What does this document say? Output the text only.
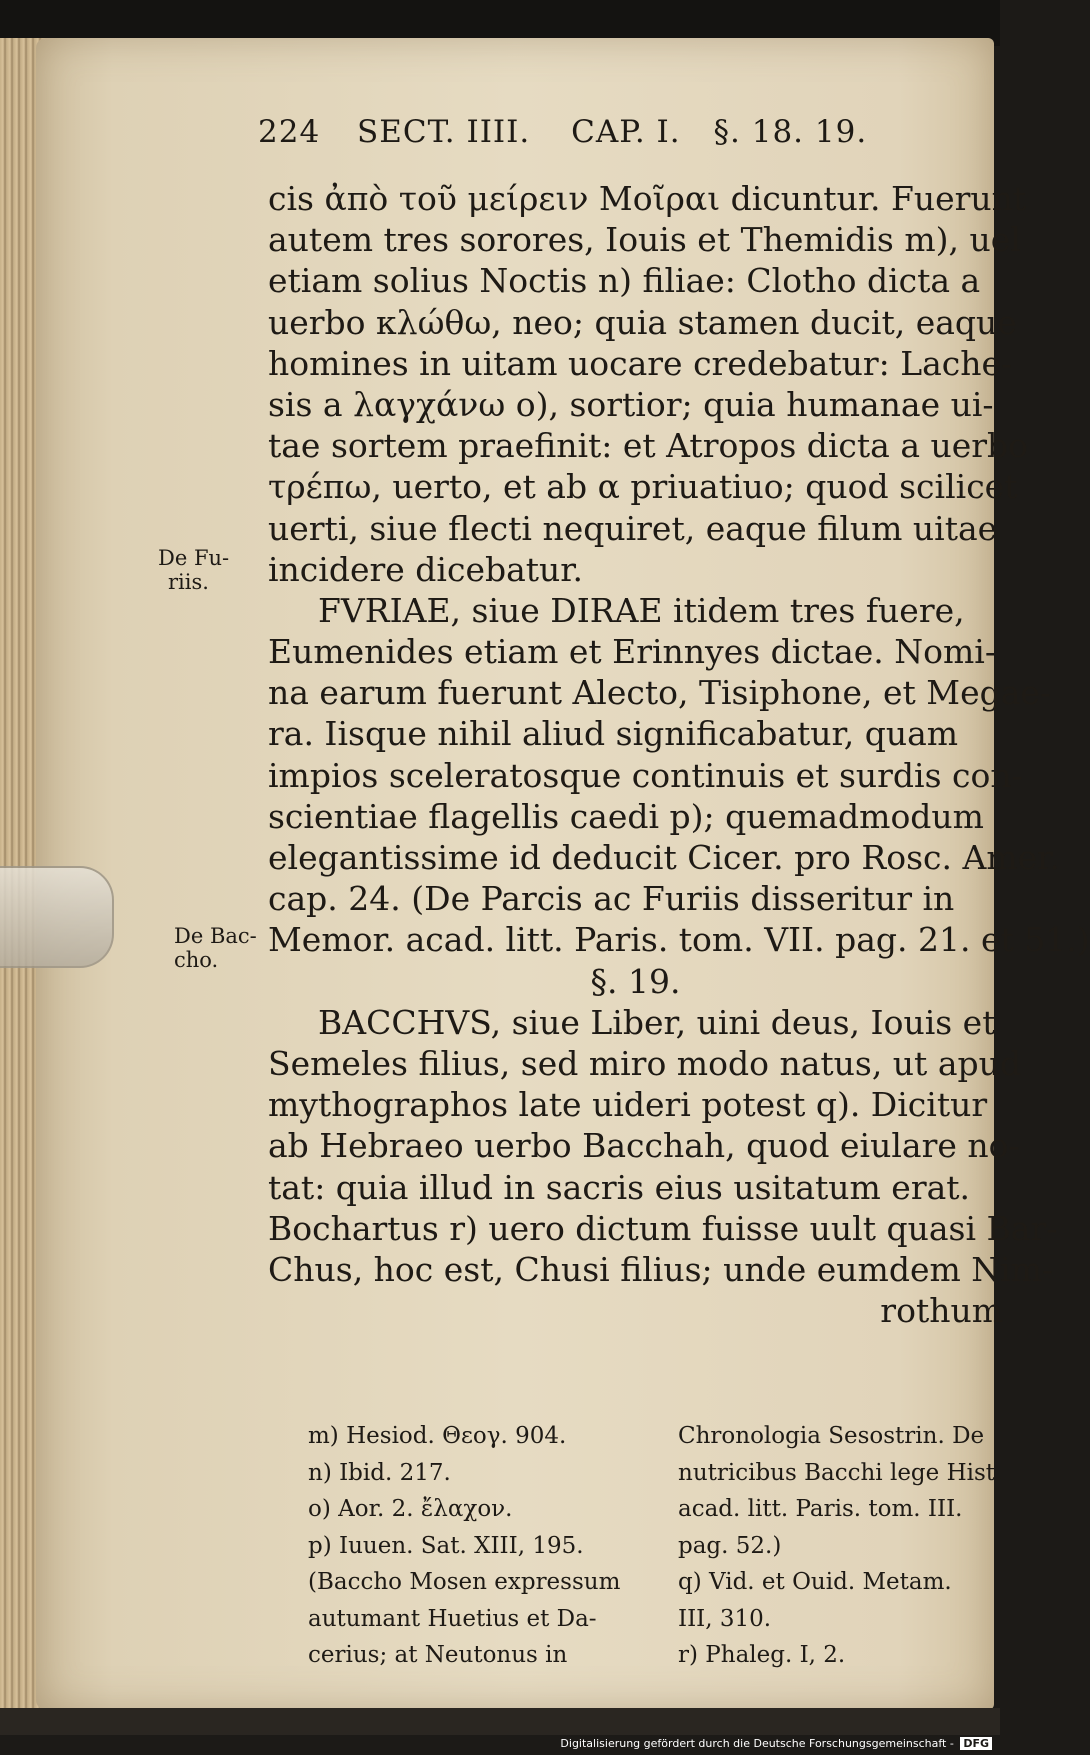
224 SECT. IIII. CAP. I. §. 18. 19.
De Fu-
riis.
De Bac-
cho.
cis ἀπὸ τοῦ μείρειν Μοῖραι dicuntur. Fuerunt
autem tres sorores, Iouis et Themidis m), uel
etiam solius Noctis n) filiae: Clotho dicta a
uerbo κλώθω, neo; quia stamen ducit, eaque
homines in uitam uocare credebatur: Lache-
sis a λαγχάνω o), sortior; quia humanae ui-
tae sortem praefinit: et Atropos dicta a uerbo
τρέπω, uerto, et ab α priuatiuo; quod scilicet
uerti, siue flecti nequiret, eaque filum uitae
incidere dicebatur.
FVRIAE, siue DIRAE itidem tres fuere,
Eumenides etiam et Erinnyes dictae. Nomi-
na earum fuerunt Alecto, Tisiphone, et Megae-
ra. Iisque nihil aliud significabatur, quam
impios sceleratosque continuis et surdis con-
scientiae flagellis caedi p); quemadmodum
elegantissime id deducit Cicer. pro Rosc. Amer.
cap. 24. (De Parcis ac Furiis disseritur in
Memor. acad. litt. Paris. tom. VII. pag. 21. et 51.)
§. 19.
BACCHVS, siue Liber, uini deus, Iouis et
Semeles filius, sed miro modo natus, ut apud
mythographos late uideri potest q). Dicitur
ab Hebraeo uerbo Bacchah, quod eiulare no-
tat: quia illud in sacris eius usitatum erat.
Bochartus r) uero dictum fuisse uult quasi Bar-
Chus, hoc est, Chusi filius; unde eumdem Nim-
rothum
m) Hesiod. Θεογ. 904.
n) Ibid. 217.
o) Aor. 2. ἔλαχον.
p) Iuuen. Sat. XIII, 195.
(Baccho Mosen expressum
autumant Huetius et Da-
cerius; at Neutonus in
Chronologia Sesostrin. De
nutricibus Bacchi lege Hist.
acad. litt. Paris. tom. III.
pag. 52.)
q) Vid. et Ouid. Metam.
III, 310.
r) Phaleg. I, 2.
Digitalisierung gefördert durch die Deutsche Forschungsgemeinschaft - DFG
